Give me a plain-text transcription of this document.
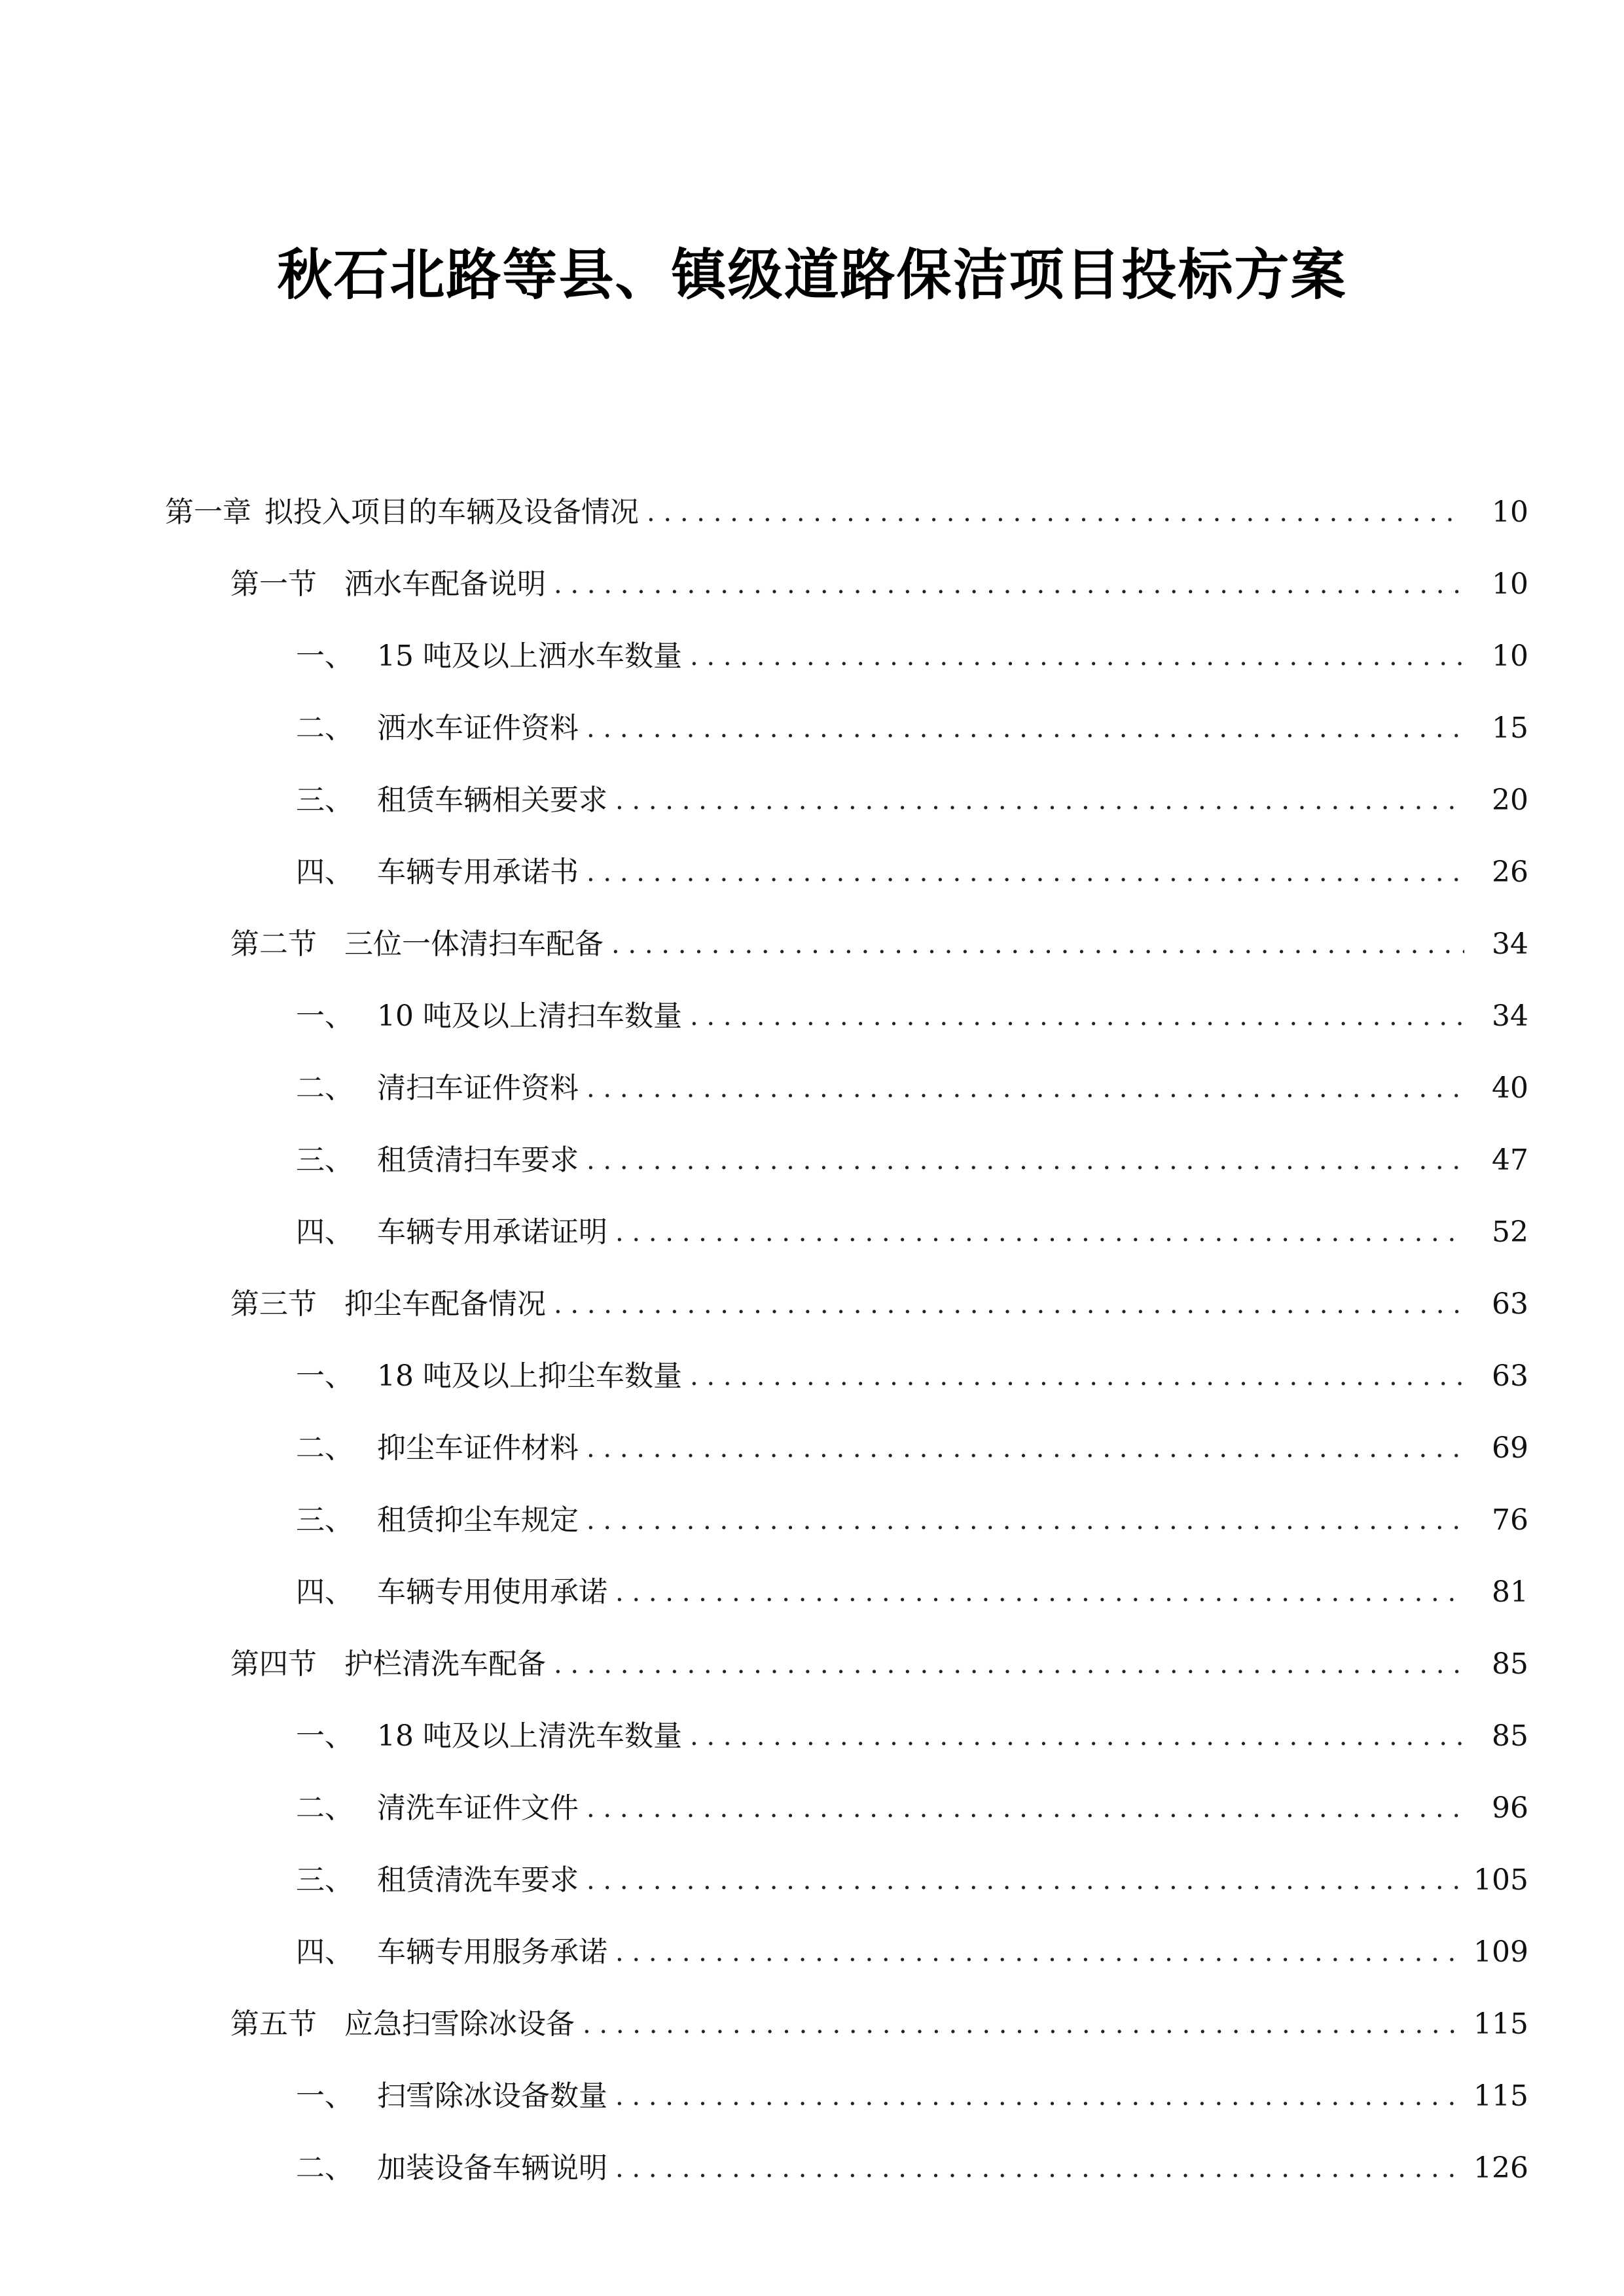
秋石北路等县、镇级道路保洁项目投标方案
第一章 拟投入项目的车辆及设备情况 . . .	10
第一节 洒水车配备说明 . . .	10
一、 15 吨及以上洒水车数量 . . .	10
二、 洒水车证件资料 . . .	15
三、 租赁车辆相关要求 . . .	20
四、 车辆专用承诺书 . . .	26
第二节 三位一体清扫车配备 . . .	34
一、 10 吨及以上清扫车数量 . . .	34
二、 清扫车证件资料 . . .	40
三、 租赁清扫车要求 . . .	47
四、 车辆专用承诺证明 . . .	52
第三节 抑尘车配备情况 . . .	63
一、 18 吨及以上抑尘车数量 . . .	63
二、 抑尘车证件材料 . . .	69
三、 租赁抑尘车规定 . . .	76
四、 车辆专用使用承诺 . . .	81
第四节 护栏清洗车配备 . . .	85
一、 18 吨及以上清洗车数量 . . .	85
二、 清洗车证件文件 . . .	96
三、 租赁清洗车要求 . . .	105
四、 车辆专用服务承诺 . . .	109
第五节 应急扫雪除冰设备 . . .	115
一、 扫雪除冰设备数量 . . .	115
二、 加装设备车辆说明 . . .	126
